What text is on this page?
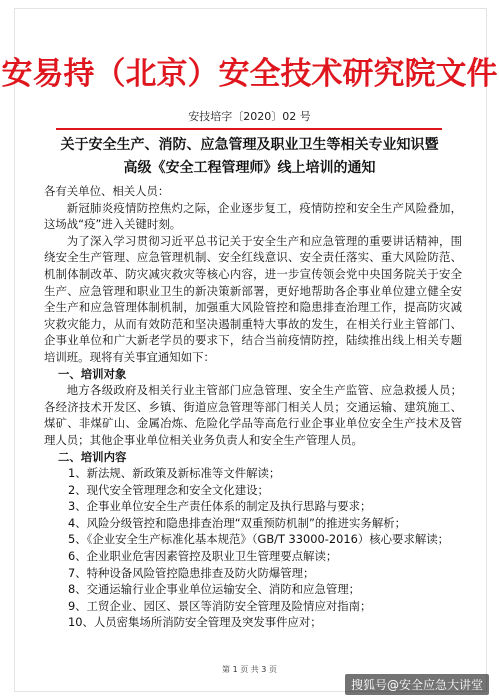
安易持（北京）安全技术研究院文件
安技培字〔2020〕02 号
关于安全生产、消防、应急管理及职业卫生等相关专业知识暨
高级《安全工程管理师》线上培训的通知

各有关单位、相关人员：

新冠肺炎疫情防控焦灼之际，企业逐步复工，疫情防控和安全生产风险叠加，这场战“疫”进入关键时刻。

为了深入学习贯彻习近平总书记关于安全生产和应急管理的重要讲话精神，围绕安全生产管理、应急管理机制、安全红线意识、安全责任落实、重大风险防范、机制体制改革、防灾减灾救灾等核心内容，进一步宣传领会党中央国务院关于安全生产、应急管理和职业卫生的新决策新部署，更好地帮助各企事业单位建立健全安全生产和应急管理体制机制，加强重大风险管控和隐患排查治理工作，提高防灾减灾救灾能力，从而有效防范和坚决遏制重特大事故的发生，在相关行业主管部门、企事业单位和广大新老学员的要求下，结合当前疫情防控，陆续推出线上相关专题培训班。现将有关事宜通知如下：

一、培训对象

地方各级政府及相关行业主管部门应急管理、安全生产监管、应急救援人员；各经济技术开发区、乡镇、街道应急管理等部门相关人员；交通运输、建筑施工、煤矿、非煤矿山、金属冶炼、危险化学品等高危行业企事业单位安全生产技术及管理人员；其他企事业单位相关业务负责人和安全生产管理人员。

二、培训内容

1、新法规、新政策及新标准等文件解读；

2、现代安全管理理念和安全文化建设；

3、企事业单位安全生产责任体系的制定及执行思路与要求；

4、风险分级管控和隐患排查治理“双重预防机制”的推进实务解析；

5、《企业安全生产标准化基本规范》（GB/T 33000-2016）核心要求解读；

6、企业职业危害因素管控及职业卫生管理要点解读；

7、特种设备风险管控隐患排查及防火防爆管理；

8、交通运输行业企事业单位运输安全、消防和应急管理；

9、工贸企业、园区、景区等消防安全管理及险情应对指南；

10、人员密集场所消防安全管理及突发事件应对；

第 1 页 共 3 页
搜狐号@安全应急大讲堂
